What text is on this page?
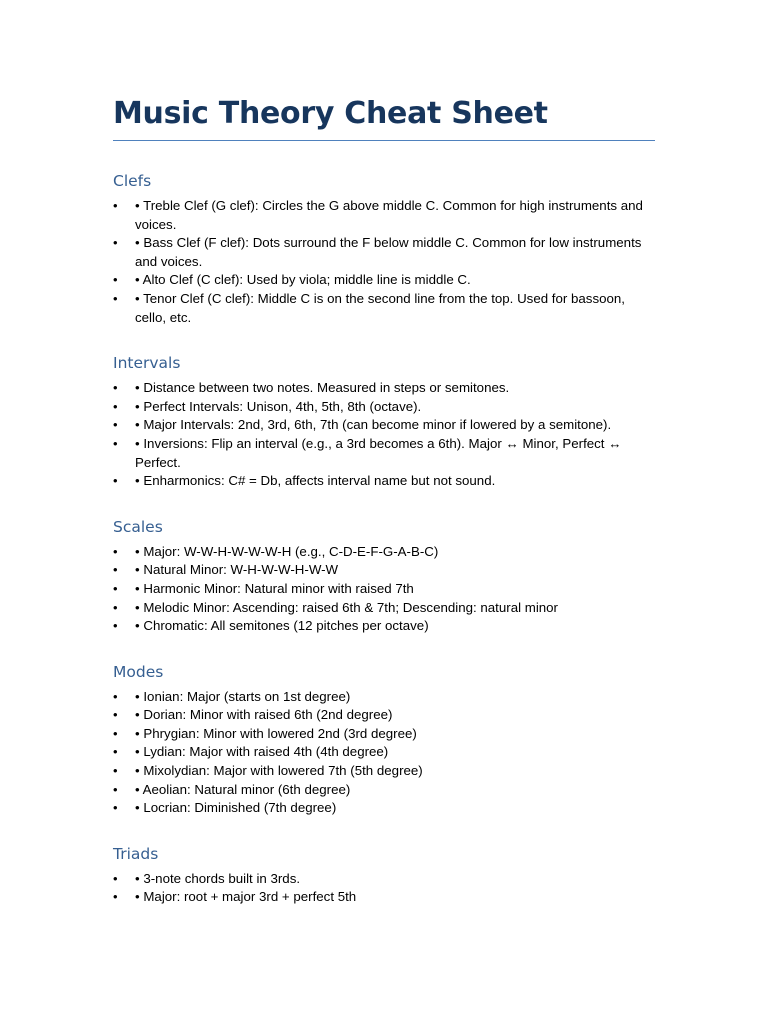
Music Theory Cheat Sheet
Clefs
•	• Treble Clef (G clef): Circles the G above middle C. Common for high instruments and voices.
•	• Bass Clef (F clef): Dots surround the F below middle C. Common for low instruments and voices.
•	• Alto Clef (C clef): Used by viola; middle line is middle C.
•	• Tenor Clef (C clef): Middle C is on the second line from the top. Used for bassoon, cello, etc.
Intervals
•	• Distance between two notes. Measured in steps or semitones.
•	• Perfect Intervals: Unison, 4th, 5th, 8th (octave).
•	• Major Intervals: 2nd, 3rd, 6th, 7th (can become minor if lowered by a semitone).
•	• Inversions: Flip an interval (e.g., a 3rd becomes a 6th). Major ↔ Minor, Perfect ↔ Perfect.
•	• Enharmonics: C# = Db, affects interval name but not sound.
Scales
•	• Major: W-W-H-W-W-W-H (e.g., C-D-E-F-G-A-B-C)
•	• Natural Minor: W-H-W-W-H-W-W
•	• Harmonic Minor: Natural minor with raised 7th
•	• Melodic Minor: Ascending: raised 6th & 7th; Descending: natural minor
•	• Chromatic: All semitones (12 pitches per octave)
Modes
•	• Ionian: Major (starts on 1st degree)
•	• Dorian: Minor with raised 6th (2nd degree)
•	• Phrygian: Minor with lowered 2nd (3rd degree)
•	• Lydian: Major with raised 4th (4th degree)
•	• Mixolydian: Major with lowered 7th (5th degree)
•	• Aeolian: Natural minor (6th degree)
•	• Locrian: Diminished (7th degree)
Triads
•	• 3-note chords built in 3rds.
•	• Major: root + major 3rd + perfect 5th
